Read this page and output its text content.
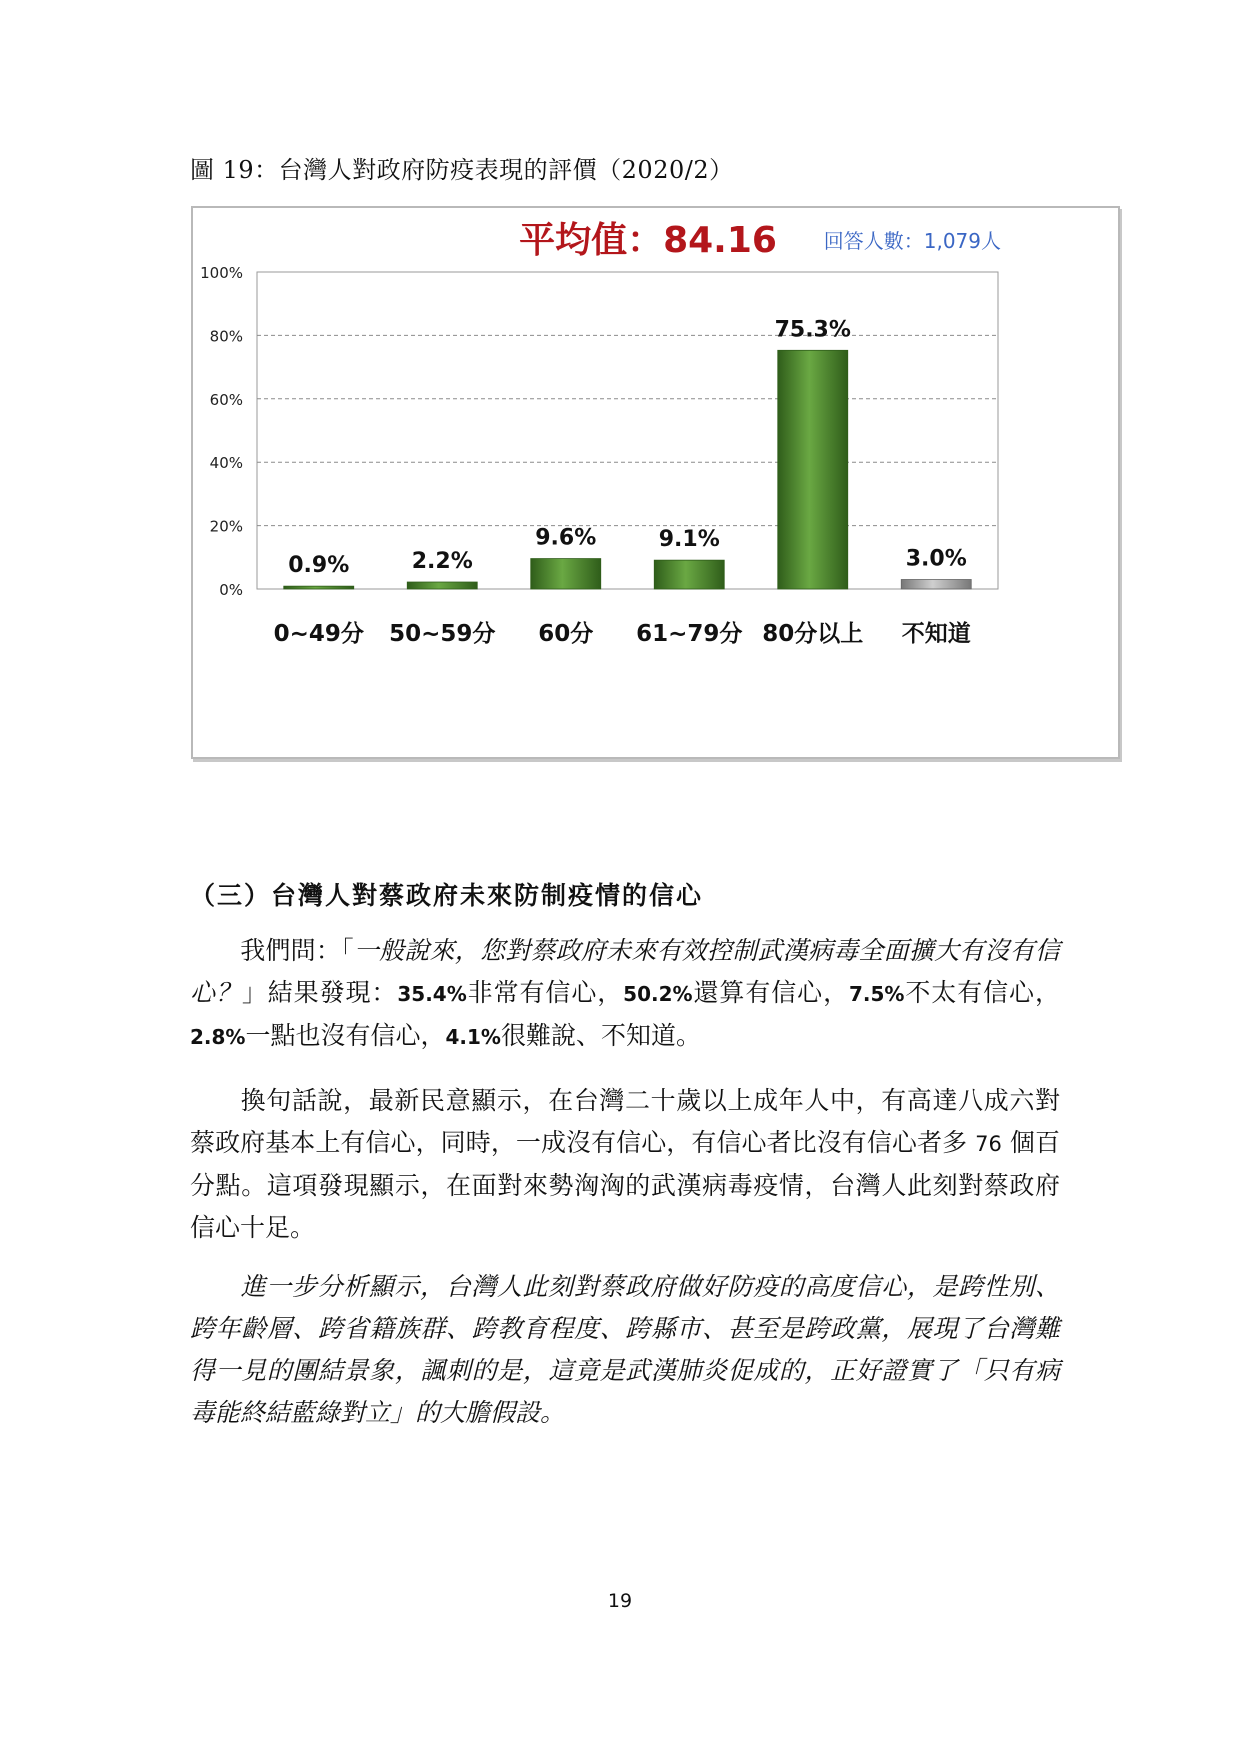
圖 19：台灣人對政府防疫表現的評價（2020/2）
0%
20%
40%
60%
80%
100%
0.9%
0~49分
2.2%
50~59分
9.6%
60分
9.1%
61~79分
75.3%
80分以上
3.0%
不知道
平均值：84.16 回答人數：1,079人
（三）台灣人對蔡政府未來防制疫情的信心

我們問：「一般說來，您對蔡政府未來有效控制武漢病毒全面擴大有沒有信心？」結果發現：35.4%非常有信心，50.2%還算有信心，7.5%不太有信心，2.8%一點也沒有信心，4.1%很難說、不知道。

換句話說，最新民意顯示，在台灣二十歲以上成年人中，有高達八成六對蔡政府基本上有信心，同時，一成沒有信心，有信心者比沒有信心者多 76 個百分點。這項發現顯示，在面對來勢洶洶的武漢病毒疫情，台灣人此刻對蔡政府信心十足。

進一步分析顯示，台灣人此刻對蔡政府做好防疫的高度信心，是跨性別、跨年齡層、跨省籍族群、跨教育程度、跨縣市、甚至是跨政黨，展現了台灣難得一見的團結景象，諷刺的是，這竟是武漢肺炎促成的，正好證實了「只有病毒能終結藍綠對立」的大膽假設。

19
